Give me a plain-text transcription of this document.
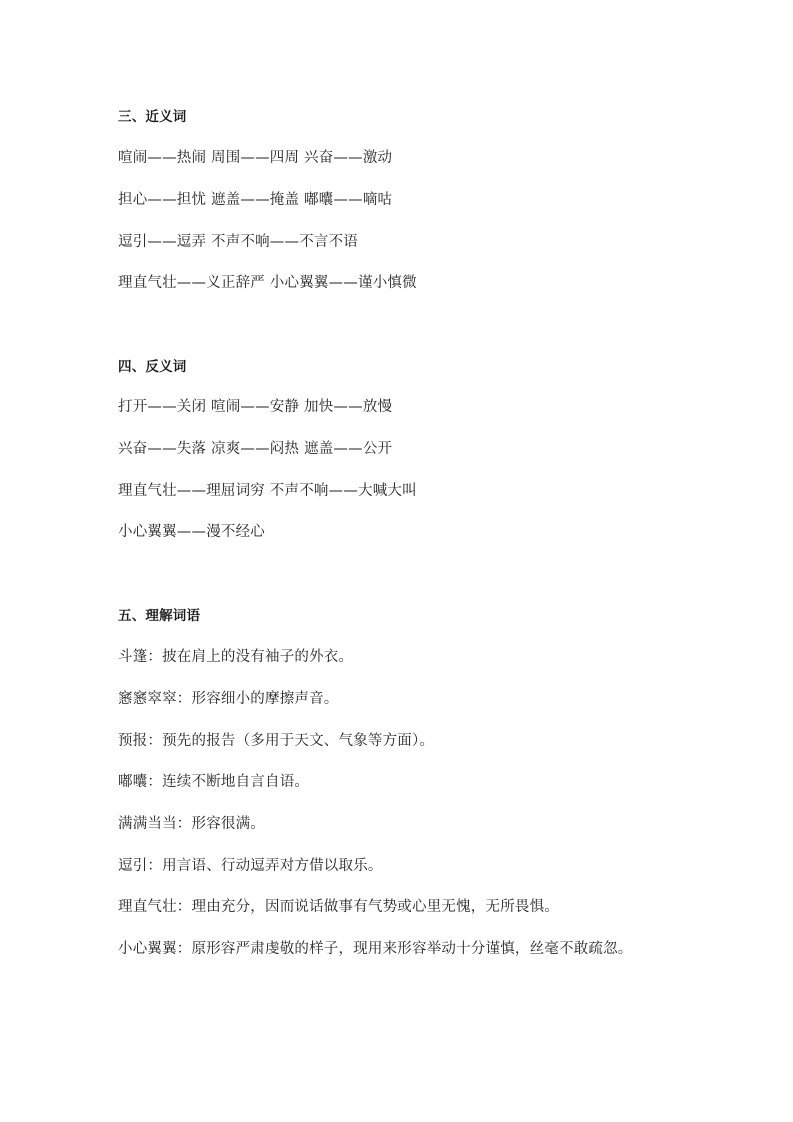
三、近义词
喧闹——热闹 周围——四周 兴奋——激动
担心——担忧 遮盖——掩盖 嘟囔——嘀咕
逗引——逗弄 不声不响——不言不语
理直气壮——义正辞严 小心翼翼——谨小慎微
四、反义词
打开——关闭 喧闹——安静 加快——放慢
兴奋——失落 凉爽——闷热 遮盖——公开
理直气壮——理屈词穷 不声不响——大喊大叫
小心翼翼——漫不经心
五、理解词语
斗篷：披在肩上的没有袖子的外衣。
窸窸窣窣：形容细小的摩擦声音。
预报：预先的报告（多用于天文、气象等方面）。
嘟囔：连续不断地自言自语。
满满当当：形容很满。
逗引：用言语、行动逗弄对方借以取乐。
理直气壮：理由充分，因而说话做事有气势或心里无愧，无所畏惧。
小心翼翼：原形容严肃虔敬的样子，现用来形容举动十分谨慎，丝毫不敢疏忽。
